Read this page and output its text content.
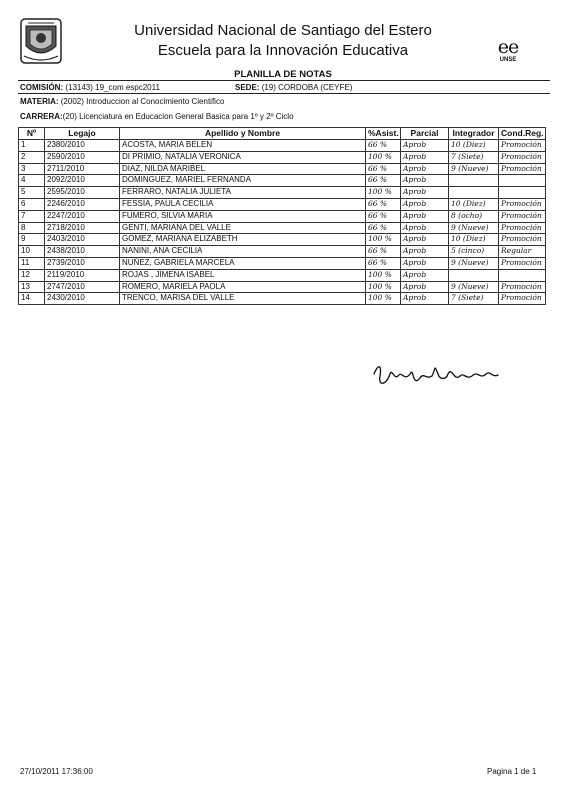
Universidad Nacional de Santiago del Estero
Escuela para la Innovación Educativa	ee
UNSE
PLANILLA DE NOTAS
COMISIÓN: (13143) 19_com espc2011	SEDE: (19) CORDOBA (CEYFE)
MATERIA: (2002) Introduccion al Conocimiento Cientifico
CARRERA:(20) Licenciatura en Educacion General Basica para 1º y 2º Ciclo
Nº	Legajo	Apellido y Nombre	%Asist.	Parcial	Integrador	Cond.Reg.
1	2380/2010	ACOSTA, MARIA BELEN	66 %	Aprob	10 (Diez)	Promoción
2	2590/2010	DI PRIMIO, NATALIA VERONICA	100 %	Aprob	7 (Siete)	Promoción
3	2711/2010	DIAZ, NILDA MARIBEL	66 %	Aprob	9 (Nueve)	Promoción
4	2092/2010	DOMINGUEZ, MARIEL FERNANDA	66 %	Aprob		
5	2595/2010	FERRARO, NATALIA JULIETA	100 %	Aprob		
6	2246/2010	FESSIA, PAULA CECILIA	66 %	Aprob	10 (Diez)	Promoción
7	2247/2010	FUMERO, SILVIA MARIA	66 %	Aprob	8 (ocho)	Promoción
8	2718/2010	GENTI, MARIANA DEL VALLE	66 %	Aprob	9 (Nueve)	Promoción
9	2403/2010	GOMEZ, MARIANA ELIZABETH	100 %	Aprob	10 (Diez)	Promoción
10	2438/2010	NANINI, ANA CECILIA	66 %	Aprob	5 (cinco)	Regular
11	2739/2010	NUÑEZ, GABRIELA MARCELA	66 %	Aprob	9 (Nueve)	Promoción
12	2119/2010	ROJAS , JIMENA ISABEL	100 %	Aprob		
13	2747/2010	ROMERO, MARIELA PAOLA	100 %	Aprob	9 (Nueve)	Promoción
14	2430/2010	TRENCO, MARISA DEL VALLE	100 %	Aprob	7 (Siete)	Promoción
27/10/2011 17:36:00	Pagina 1 de 1
